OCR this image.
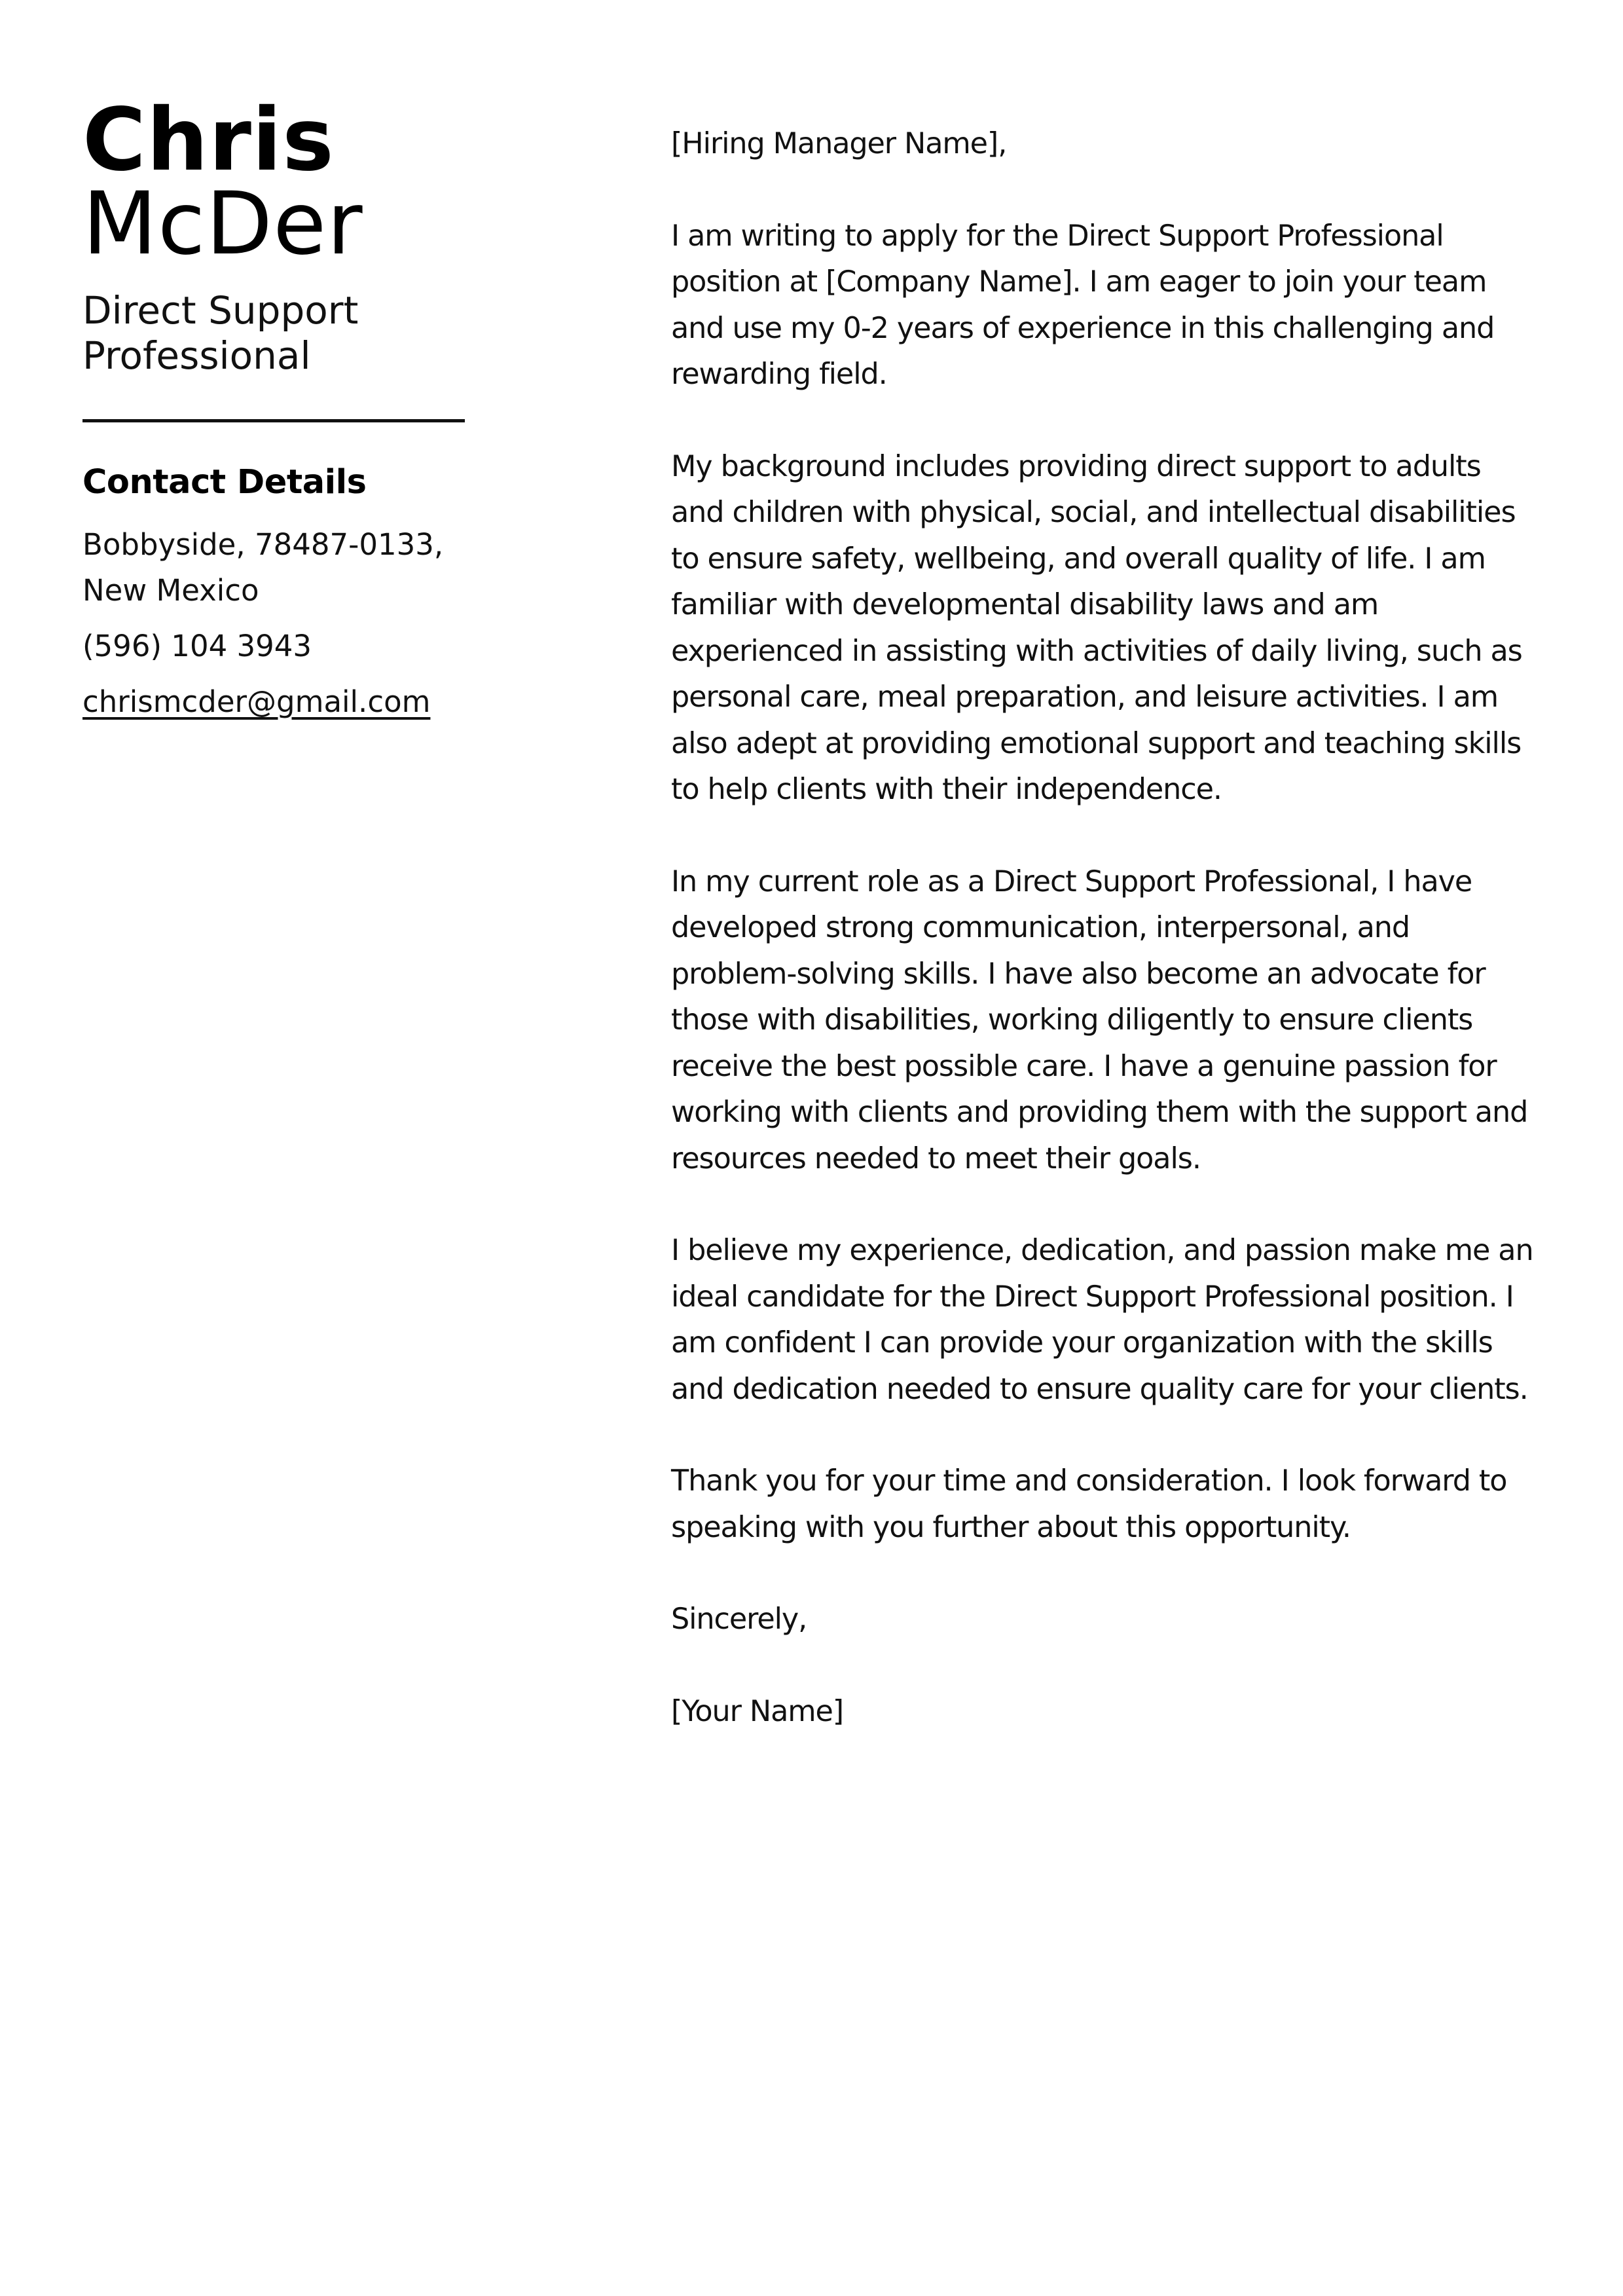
Chris
McDer
Direct Support Professional
Contact Details
Bobbyside, 78487-0133, New Mexico
(596) 104 3943
chrismcder@gmail.com

[Hiring Manager Name],

I am writing to apply for the Direct Support Professional position at [Company Name]. I am eager to join your team and use my 0-2 years of experience in this challenging and rewarding field.

My background includes providing direct support to adults and children with physical, social, and intellectual disabilities to ensure safety, wellbeing, and overall quality of life. I am familiar with developmental disability laws and am experienced in assisting with activities of daily living, such as personal care, meal preparation, and leisure activities. I am also adept at providing emotional support and teaching skills to help clients with their independence.

In my current role as a Direct Support Professional, I have developed strong communication, interpersonal, and problem-solving skills. I have also become an advocate for those with disabilities, working diligently to ensure clients receive the best possible care. I have a genuine passion for working with clients and providing them with the support and resources needed to meet their goals.

I believe my experience, dedication, and passion make me an ideal candidate for the Direct Support Professional position. I am confident I can provide your organization with the skills and dedication needed to ensure quality care for your clients.

Thank you for your time and consideration. I look forward to speaking with you further about this opportunity.

Sincerely,

[Your Name]
